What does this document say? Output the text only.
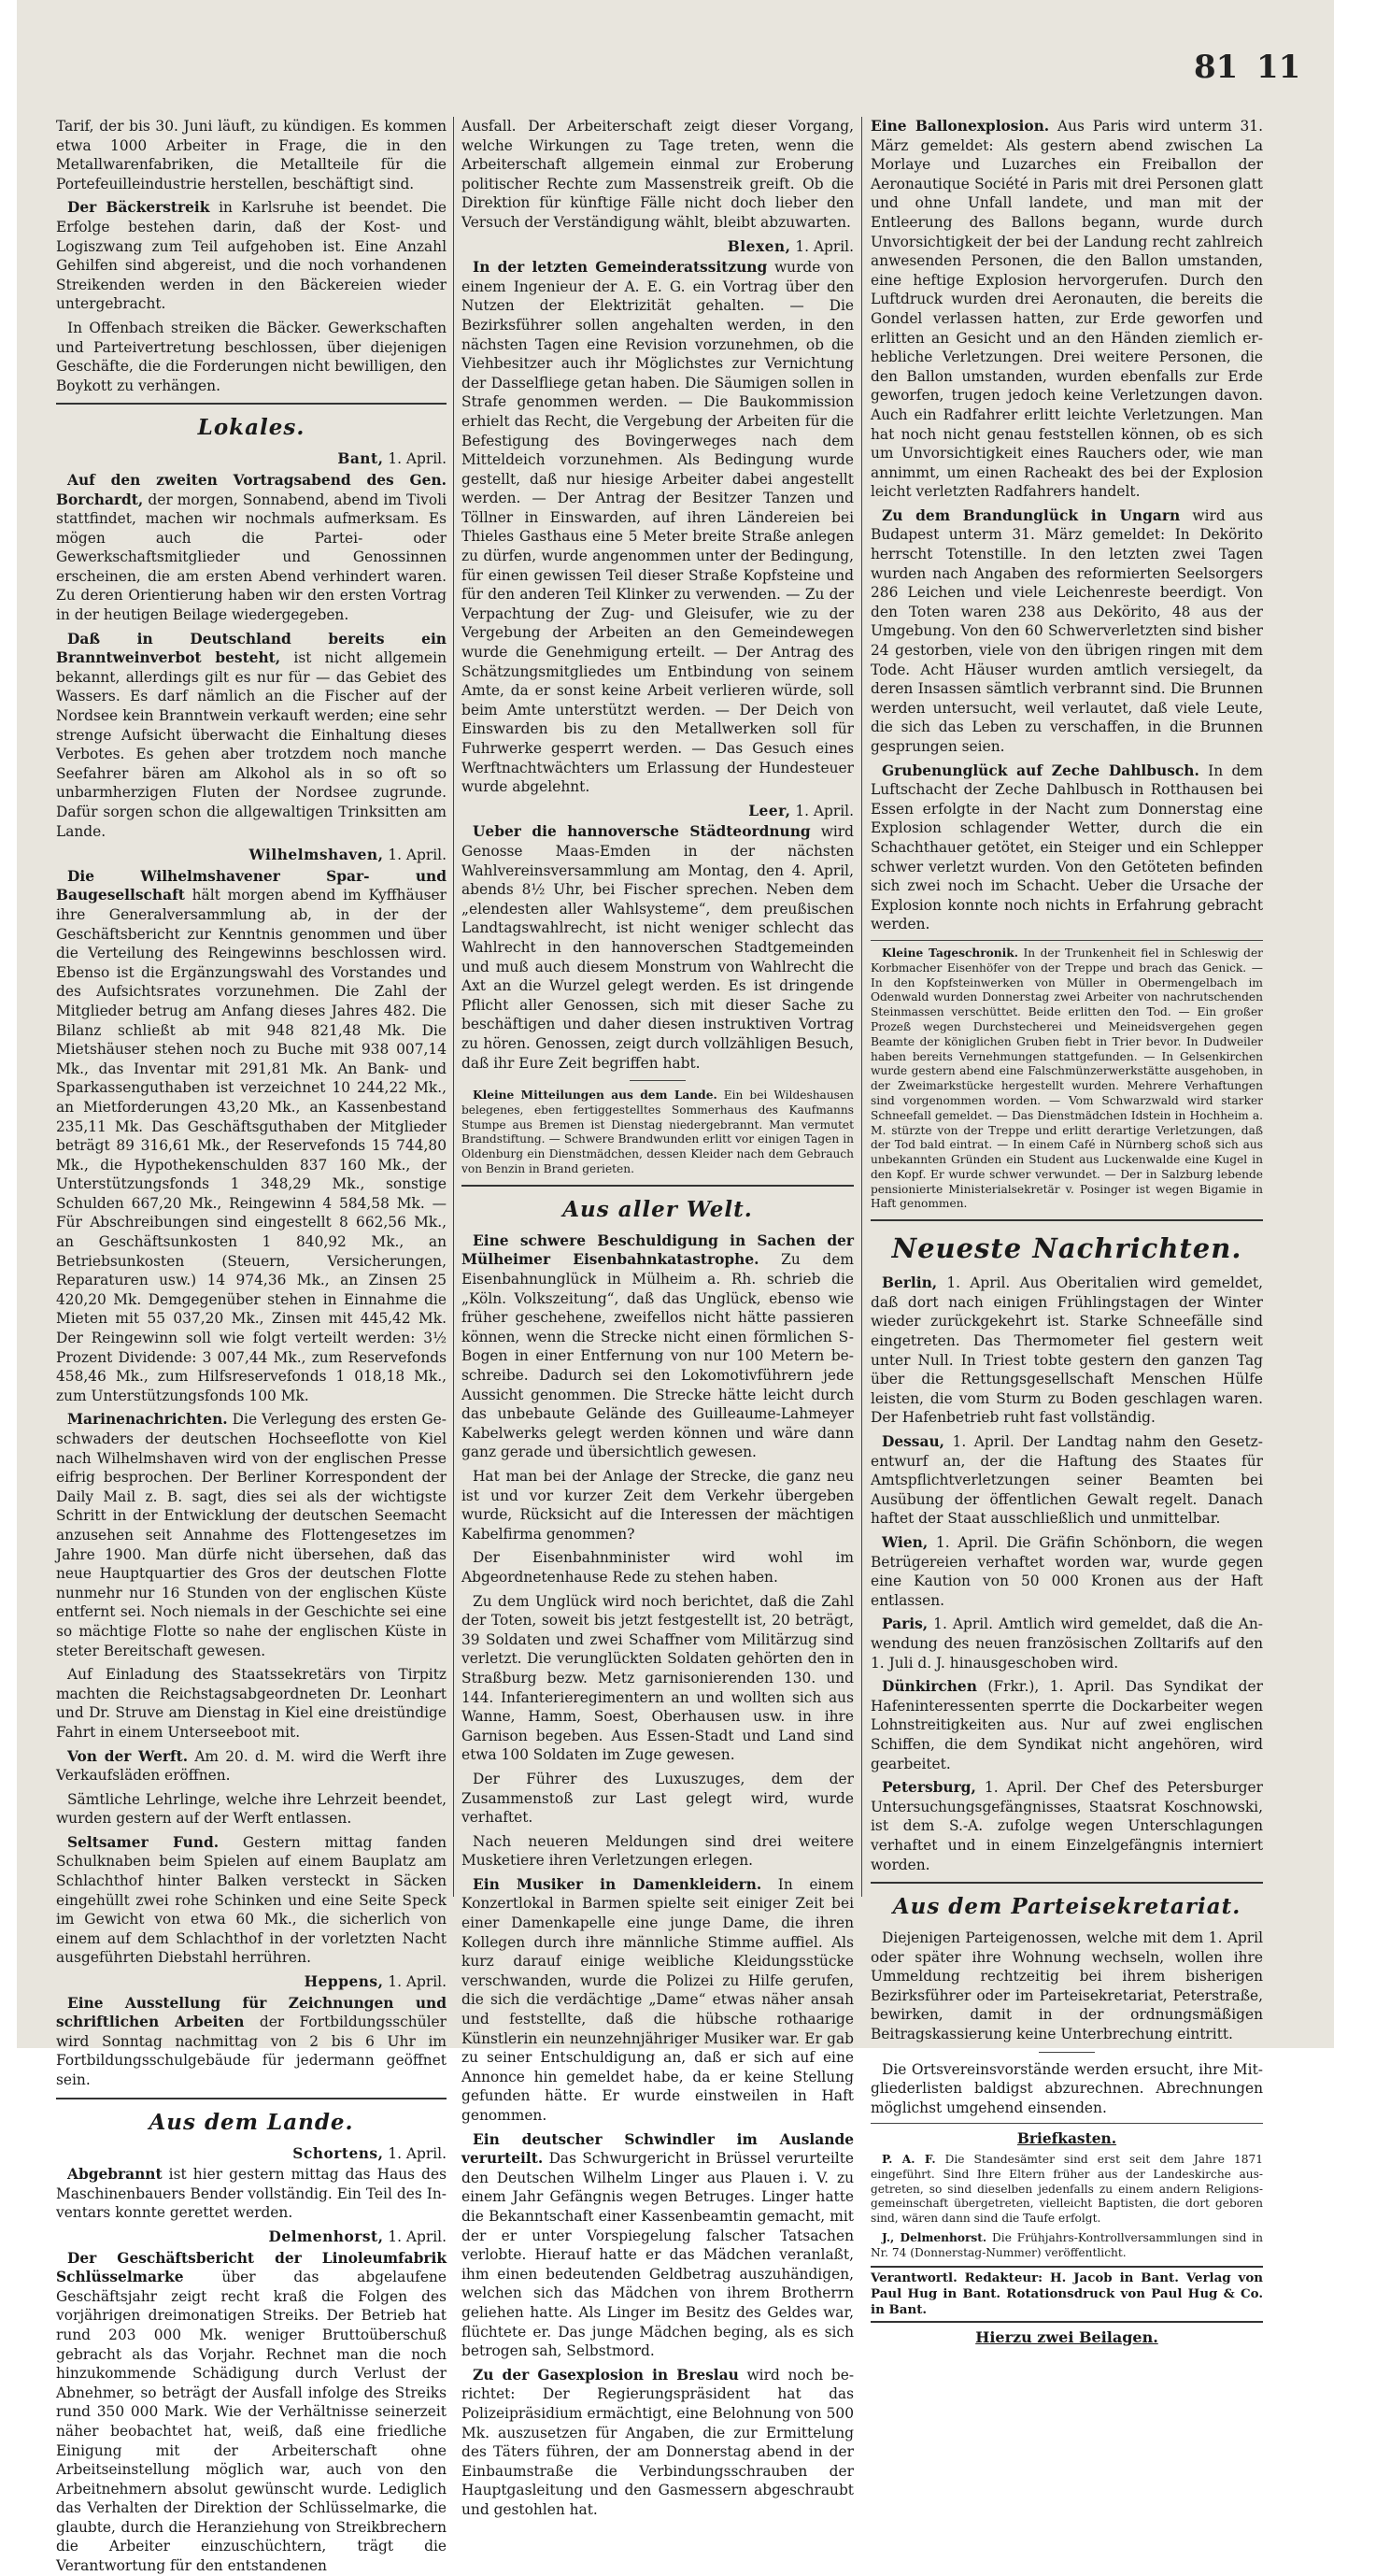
81 11

Tarif, der bis 30. Juni läuft, zu kündigen. Es kommen etwa 1000 Arbeiter in Frage, die in den Metallwarenfabriken, die Metallteile für die Portefeuilleindustrie herstellen, beschäftigt sind.

Der Bäckerstreik in Karlsruhe ist beendet. Die Erfolge bestehen darin, daß der Kost- und Logiszwang zum Teil aufgehoben ist. Eine Anzahl Gehilfen sind abgereist, und die noch vorhandenen Streikenden werden in den Bäckereien wieder untergebracht.

In Offenbach streiken die Bäcker. Gewerkschaften und Parteivertretung beschlossen, über diejenigen Geschäfte, die die Forderungen nicht bewilligen, den Boykott zu verhängen.

Lokales.

Bant, 1. April.

Auf den zweiten Vortragsabend des Gen. Borchardt, der morgen, Sonnabend, abend im Tivoli stattfindet, machen wir nochmals aufmerksam. Es mögen auch die Partei- oder Gewerkschaftsmitglieder und Genossinnen erscheinen, die am ersten Abend verhindert waren. Zu deren Orientierung haben wir den ersten Vortrag in der heutigen Beilage wiedergegeben.

Daß in Deutschland bereits ein Branntweinverbot besteht, ist nicht allgemein bekannt, allerdings gilt es nur für — das Gebiet des Wassers. Es darf nämlich an die Fischer auf der Nordsee kein Branntwein verkauft werden; eine sehr strenge Aufsicht überwacht die Einhaltung dieses Verbotes. Es gehen aber trotzdem noch manche Seefahrer bären am Alkohol als in so oft so unbarmherzigen Fluten der Nordsee zugrunde. Dafür sorgen schon die allgewaltigen Trinksitten am Lande.

Wilhelmshaven, 1. April.

Die Wilhelmshavener Spar- und Baugesellschaft hält morgen abend im Kyffhäuser ihre Generalversammlung ab, in der der Geschäftsbericht zur Kenntnis genommen und über die Verteilung des Reingewinns beschlossen wird. Ebenso ist die Ergänzungswahl des Vorstandes und des Aufsichtsrates vorzunehmen. Die Zahl der Mitglieder betrug am Anfang dieses Jahres 482. Die Bilanz schließt ab mit 948 821,48 Mk. Die Mietshäuser stehen noch zu Buche mit 938 007,14 Mk., das Inventar mit 291,81 Mk. An Bank- und Sparkassenguthaben ist verzeichnet 10 244,22 Mk., an Mietforderungen 43,20 Mk., an Kassenbestand 235,11 Mk. Das Geschäftsguthaben der Mitglieder beträgt 89 316,61 Mk., der Reservefonds 15 744,80 Mk., die Hypothekenschulden 837 160 Mk., der Unterstützungsfonds 1 348,29 Mk., sonstige Schulden 667,20 Mk., Reingewinn 4 584,58 Mk. — Für Abschreibungen sind eingestellt 8 662,56 Mk., an Geschäftsunkosten 1 840,92 Mk., an Betriebsunkosten (Steuern, Versicherungen, Reparaturen usw.) 14 974,36 Mk., an Zinsen 25 420,20 Mk. Demgegenüber stehen in Einnahme die Mieten mit 55 037,20 Mk., Zinsen mit 445,42 Mk. Der Reingewinn soll wie folgt verteilt werden: 3½ Prozent Dividende: 3 007,44 Mk., zum Reservefonds 458,46 Mk., zum Hilfsreservefonds 1 018,18 Mk., zum Unterstützungsfonds 100 Mk.

Marinenachrichten. Die Verlegung des ersten Geschwaders der deutschen Hochseeflotte von Kiel nach Wilhelmshaven wird von der englischen Presse eifrig besprochen. Der Berliner Korrespondent der Daily Mail z. B. sagt, dies sei als der wichtigste Schritt in der Entwicklung der deutschen Seemacht anzusehen seit Annahme des Flottengesetzes im Jahre 1900. Man dürfe nicht übersehen, daß das neue Hauptquartier des Gros der deutschen Flotte nunmehr nur 16 Stunden von der englischen Küste entfernt sei. Noch niemals in der Geschichte sei eine so mächtige Flotte so nahe der englischen Küste in steter Bereitschaft gewesen.

Auf Einladung des Staatssekretärs von Tirpitz machten die Reichstagsabgeordneten Dr. Leonhart und Dr. Struve am Dienstag in Kiel eine dreistündige Fahrt in einem Unterseeboot mit.

Von der Werft. Am 20. d. M. wird die Werft ihre Verkaufsläden eröffnen.

Sämtliche Lehrlinge, welche ihre Lehrzeit beendet, wurden gestern auf der Werft entlassen.

Seltsamer Fund. Gestern mittag fanden Schulknaben beim Spielen auf einem Bauplatz am Schlachthof hinter Balken versteckt in Säcken eingehüllt zwei rohe Schinken und eine Seite Speck im Gewicht von etwa 60 Mk., die sicherlich von einem auf dem Schlachthof in der vorletzten Nacht ausgeführten Diebstahl herrühren.

Heppens, 1. April.

Eine Ausstellung für Zeichnungen und schriftlichen Arbeiten der Fortbildungsschüler wird Sonntag nachmittag von 2 bis 6 Uhr im Fortbildungsschulgebäude für jedermann geöffnet sein.

Aus dem Lande.

Schortens, 1. April.

Abgebrannt ist hier gestern mittag das Haus des Maschinenbauers Bender vollständig. Ein Teil des Inventars konnte gerettet werden.

Delmenhorst, 1. April.

Der Geschäftsbericht der Linoleumfabrik Schlüsselmarke über das abgelaufene Geschäftsjahr zeigt recht kraß die Folgen des vorjährigen dreimonatigen Streiks. Der Betrieb hat rund 203 000 Mk. weniger Bruttoüberschuß gebracht als das Vorjahr. Rechnet man die noch hinzukommende Schädigung durch Verlust der Abnehmer, so beträgt der Ausfall infolge des Streiks rund 350 000 Mark. Wie der Verhältnisse seinerzeit näher beobachtet hat, weiß, daß eine friedliche Einigung mit der Arbeiterschaft ohne Arbeitseinstellung möglich war, auch von den Arbeitnehmern absolut gewünscht wurde. Lediglich das Verhalten der Direktion der Schlüsselmarke, die glaubte, durch die Heranziehung von Streikbrechern die Arbeiter einzuschüchtern, trägt die Verantwortung für den entstandenen

Ausfall. Der Arbeiterschaft zeigt dieser Vorgang, welche Wirkungen zu Tage treten, wenn die Arbeiterschaft allgemein einmal zur Eroberung politischer Rechte zum Massenstreik greift. Ob die Direktion für künftige Fälle nicht doch lieber den Versuch der Verständigung wählt, bleibt abzuwarten.

Blexen, 1. April.

In der letzten Gemeinderatssitzung wurde von einem Ingenieur der A. E. G. ein Vortrag über den Nutzen der Elektrizität gehalten. — Die Bezirksführer sollen angehalten werden, in den nächsten Tagen eine Revision vorzunehmen, ob die Viehbesitzer auch ihr Möglichstes zur Vernichtung der Dasselfliege getan haben. Die Säumigen sollen in Strafe genommen werden. — Die Baukommission erhielt das Recht, die Vergebung der Arbeiten für die Befestigung des Bovingerweges nach dem Mitteldeich vorzunehmen. Als Bedingung wurde gestellt, daß nur hiesige Arbeiter dabei angestellt werden. — Der Antrag der Besitzer Tanzen und Töllner in Einswarden, auf ihren Ländereien bei Thieles Gasthaus eine 5 Meter breite Straße anlegen zu dürfen, wurde angenommen unter der Bedingung, für einen gewissen Teil dieser Straße Kopfsteine und für den anderen Teil Klinker zu verwenden. — Zu der Verpachtung der Zug- und Gleisufer, wie zu der Vergebung der Arbeiten an den Gemeindewegen wurde die Genehmigung erteilt. — Der Antrag des Schätzungsmitgliedes um Entbindung von seinem Amte, da er sonst keine Arbeit verlieren würde, soll beim Amte unterstützt werden. — Der Deich von Einswarden bis zu den Metallwerken soll für Fuhrwerke gesperrt werden. — Das Gesuch eines Werftnachtwächters um Erlassung der Hundesteuer wurde abgelehnt.

Leer, 1. April.

Ueber die hannoversche Städteordnung wird Genosse Maas-Emden in der nächsten Wahlvereinsversammlung am Montag, den 4. April, abends 8½ Uhr, bei Fischer sprechen. Neben dem „elendesten aller Wahlsysteme“, dem preußischen Landtagswahlrecht, ist nicht weniger schlecht das Wahlrecht in den hannoverschen Stadtgemeinden und muß auch diesem Monstrum von Wahlrecht die Axt an die Wurzel gelegt werden. Es ist dringende Pflicht aller Genossen, sich mit dieser Sache zu beschäftigen und daher diesen instruktiven Vortrag zu hören. Genossen, zeigt durch vollzähligen Besuch, daß ihr Eure Zeit begriffen habt.

Kleine Mitteilungen aus dem Lande. Ein bei Wildeshausen belegenes, eben fertiggestelltes Sommerhaus des Kaufmanns Stumpe aus Bremen ist Dienstag niedergebrannt. Man vermutet Brandstiftung. — Schwere Brandwunden erlitt vor einigen Tagen in Oldenburg ein Dienstmädchen, dessen Kleider nach dem Gebrauch von Benzin in Brand gerieten.

Aus aller Welt.

Eine schwere Beschuldigung in Sachen der Mülheimer Eisenbahnkatastrophe. Zu dem Eisenbahnunglück in Mülheim a. Rh. schrieb die „Köln. Volkszeitung“, daß das Unglück, ebenso wie früher geschehene, zweifellos nicht hätte passieren können, wenn die Strecke nicht einen förmlichen S-Bogen in einer Entfernung von nur 100 Metern beschreibe. Dadurch sei den Lokomotivführern jede Aussicht genommen. Die Strecke hätte leicht durch das unbebaute Gelände des Guilleaume-Lahmeyer Kabelwerks gelegt werden können und wäre dann ganz gerade und übersichtlich gewesen.

Hat man bei der Anlage der Strecke, die ganz neu ist und vor kurzer Zeit dem Verkehr übergeben wurde, Rücksicht auf die Interessen der mächtigen Kabelfirma genommen?

Der Eisenbahnminister wird wohl im Abgeordnetenhause Rede zu stehen haben.

Zu dem Unglück wird noch berichtet, daß die Zahl der Toten, soweit bis jetzt festgestellt ist, 20 beträgt, 39 Soldaten und zwei Schaffner vom Militärzug sind verletzt. Die verunglückten Soldaten gehörten den in Straßburg bezw. Metz garnisonierenden 130. und 144. Infanterieregimentern an und wollten sich aus Wanne, Hamm, Soest, Oberhausen usw. in ihre Garnison begeben. Aus Essen-Stadt und Land sind etwa 100 Soldaten im Zuge gewesen.

Der Führer des Luxuszuges, dem der Zusammenstoß zur Last gelegt wird, wurde verhaftet.

Nach neueren Meldungen sind drei weitere Musketiere ihren Verletzungen erlegen.

Ein Musiker in Damenkleidern. In einem Konzertlokal in Barmen spielte seit einiger Zeit bei einer Damenkapelle eine junge Dame, die ihren Kollegen durch ihre männliche Stimme auffiel. Als kurz darauf einige weibliche Kleidungsstücke verschwanden, wurde die Polizei zu Hilfe gerufen, die sich die verdächtige „Dame“ etwas näher ansah und feststellte, daß die hübsche rothaarige Künstlerin ein neunzehnjähriger Musiker war. Er gab zu seiner Entschuldigung an, daß er sich auf eine Annonce hin gemeldet habe, da er keine Stellung gefunden hätte. Er wurde einstweilen in Haft genommen.

Ein deutscher Schwindler im Auslande verurteilt. Das Schwurgericht in Brüssel verurteilte den Deutschen Wilhelm Linger aus Plauen i. V. zu einem Jahr Gefängnis wegen Betruges. Linger hatte die Bekanntschaft einer Kassenbeamtin gemacht, mit der er unter Vorspiegelung falscher Tatsachen verlobte. Hierauf hatte er das Mädchen veranlaßt, ihm einen bedeutenden Geldbetrag auszuhändigen, welchen sich das Mädchen von ihrem Brotherrn geliehen hatte. Als Linger im Besitz des Geldes war, flüchtete er. Das junge Mädchen beging, als es sich betrogen sah, Selbstmord.

Zu der Gasexplosion in Breslau wird noch berichtet: Der Regierungspräsident hat das Polizeipräsidium ermächtigt, eine Belohnung von 500 Mk. auszusetzen für Angaben, die zur Ermittelung des Täters führen, der am Donnerstag abend in der Einbaumstraße die Verbindungsschrauben der Hauptgasleitung und den Gasmessern abgeschraubt und gestohlen hat.

Eine Ballonexplosion. Aus Paris wird unterm 31. März gemeldet: Als gestern abend zwischen La Morlaye und Luzarches ein Freiballon der Aeronautique Société in Paris mit drei Personen glatt und ohne Unfall landete, und man mit der Entleerung des Ballons begann, wurde durch Unvorsichtigkeit der bei der Landung recht zahlreich anwesenden Personen, die den Ballon umstanden, eine heftige Explosion hervorgerufen. Durch den Luftdruck wurden drei Aeronauten, die bereits die Gondel verlassen hatten, zur Erde geworfen und erlitten an Gesicht und an den Händen ziemlich erhebliche Verletzungen. Drei weitere Personen, die den Ballon umstanden, wurden ebenfalls zur Erde geworfen, trugen jedoch keine Verletzungen davon. Auch ein Radfahrer erlitt leichte Verletzungen. Man hat noch nicht genau feststellen können, ob es sich um Unvorsichtigkeit eines Rauchers oder, wie man annimmt, um einen Racheakt des bei der Explosion leicht verletzten Radfahrers handelt.

Zu dem Brandunglück in Ungarn wird aus Budapest unterm 31. März gemeldet: In Dekörito herrscht Totenstille. In den letzten zwei Tagen wurden nach Angaben des reformierten Seelsorgers 286 Leichen und viele Leichenreste beerdigt. Von den Toten waren 238 aus Dekörito, 48 aus der Umgebung. Von den 60 Schwerverletzten sind bisher 24 gestorben, viele von den übrigen ringen mit dem Tode. Acht Häuser wurden amtlich versiegelt, da deren Insassen sämtlich verbrannt sind. Die Brunnen werden untersucht, weil verlautet, daß viele Leute, die sich das Leben zu verschaffen, in die Brunnen gesprungen seien.

Grubenunglück auf Zeche Dahlbusch. In dem Luftschacht der Zeche Dahlbusch in Rotthausen bei Essen erfolgte in der Nacht zum Donnerstag eine Explosion schlagender Wetter, durch die ein Schachthauer getötet, ein Steiger und ein Schlepper schwer verletzt wurden. Von den Getöteten befinden sich zwei noch im Schacht. Ueber die Ursache der Explosion konnte noch nichts in Erfahrung gebracht werden.

Kleine Tageschronik. In der Trunkenheit fiel in Schleswig der Korbmacher Eisenhöfer von der Treppe und brach das Genick. — In den Kopfsteinwerken von Müller in Obermengelbach im Odenwald wurden Donnerstag zwei Arbeiter von nachrutschenden Steinmassen verschüttet. Beide erlitten den Tod. — Ein großer Prozeß wegen Durchstecherei und Meineidsvergehen gegen Beamte der königlichen Gruben fiebt in Trier bevor. In Dudweiler haben bereits Vernehmungen stattgefunden. — In Gelsenkirchen wurde gestern abend eine Falschmünzerwerkstätte ausgehoben, in der Zweimarkstücke hergestellt wurden. Mehrere Verhaftungen sind vorgenommen worden. — Vom Schwarzwald wird starker Schneefall gemeldet. — Das Dienstmädchen Idstein in Hochheim a. M. stürzte von der Treppe und erlitt derartige Verletzungen, daß der Tod bald eintrat. — In einem Café in Nürnberg schoß sich aus unbekannten Gründen ein Student aus Luckenwalde eine Kugel in den Kopf. Er wurde schwer verwundet. — Der in Salzburg lebende pensionierte Ministerialsekretär v. Posinger ist wegen Bigamie in Haft genommen.

Neueste Nachrichten.

Berlin, 1. April. Aus Oberitalien wird gemeldet, daß dort nach einigen Frühlingstagen der Winter wieder zurückgekehrt ist. Starke Schneefälle sind eingetreten. Das Thermometer fiel gestern weit unter Null. In Triest tobte gestern den ganzen Tag über die Rettungsgesellschaft Menschen Hülfe leisten, die vom Sturm zu Boden geschlagen waren. Der Hafenbetrieb ruht fast vollständig.

Dessau, 1. April. Der Landtag nahm den Gesetzentwurf an, der die Haftung des Staates für Amtspflichtverletzungen seiner Beamten bei Ausübung der öffentlichen Gewalt regelt. Danach haftet der Staat ausschließlich und unmittelbar.

Wien, 1. April. Die Gräfin Schönborn, die wegen Betrügereien verhaftet worden war, wurde gegen eine Kaution von 50 000 Kronen aus der Haft entlassen.

Paris, 1. April. Amtlich wird gemeldet, daß die Anwendung des neuen französischen Zolltarifs auf den 1. Juli d. J. hinausgeschoben wird.

Dünkirchen (Frkr.), 1. April. Das Syndikat der Hafeninteressenten sperrte die Dockarbeiter wegen Lohnstreitigkeiten aus. Nur auf zwei englischen Schiffen, die dem Syndikat nicht angehören, wird gearbeitet.

Petersburg, 1. April. Der Chef des Petersburger Untersuchungsgefängnisses, Staatsrat Koschnowski, ist dem S.-A. zufolge wegen Unterschlagungen verhaftet und in einem Einzelgefängnis interniert worden.

Aus dem Parteisekretariat.

Diejenigen Parteigenossen, welche mit dem 1. April oder später ihre Wohnung wechseln, wollen ihre Ummeldung rechtzeitig bei ihrem bisherigen Bezirksführer oder im Parteisekretariat, Peterstraße, bewirken, damit in der ordnungsmäßigen Beitragskassierung keine Unterbrechung eintritt.

Die Ortsvereinsvorstände werden ersucht, ihre Mitgliederlisten baldigst abzurechnen. Abrechnungen möglichst umgehend einsenden.

Briefkasten.

P. A. F. Die Standesämter sind erst seit dem Jahre 1871 eingeführt. Sind Ihre Eltern früher aus der Landeskirche ausgetreten, so sind dieselben jedenfalls zu einem andern Religionsgemeinschaft übergetreten, vielleicht Baptisten, die dort geboren sind, wären dann sind die Taufe erfolgt.

J., Delmenhorst. Die Frühjahrs-Kontrollversammlungen sind in Nr. 74 (Donnerstag-Nummer) veröffentlicht.

Verantwortl. Redakteur: H. Jacob in Bant. Verlag von Paul Hug in Bant. Rotationsdruck von Paul Hug & Co. in Bant.

Hierzu zwei Beilagen.
